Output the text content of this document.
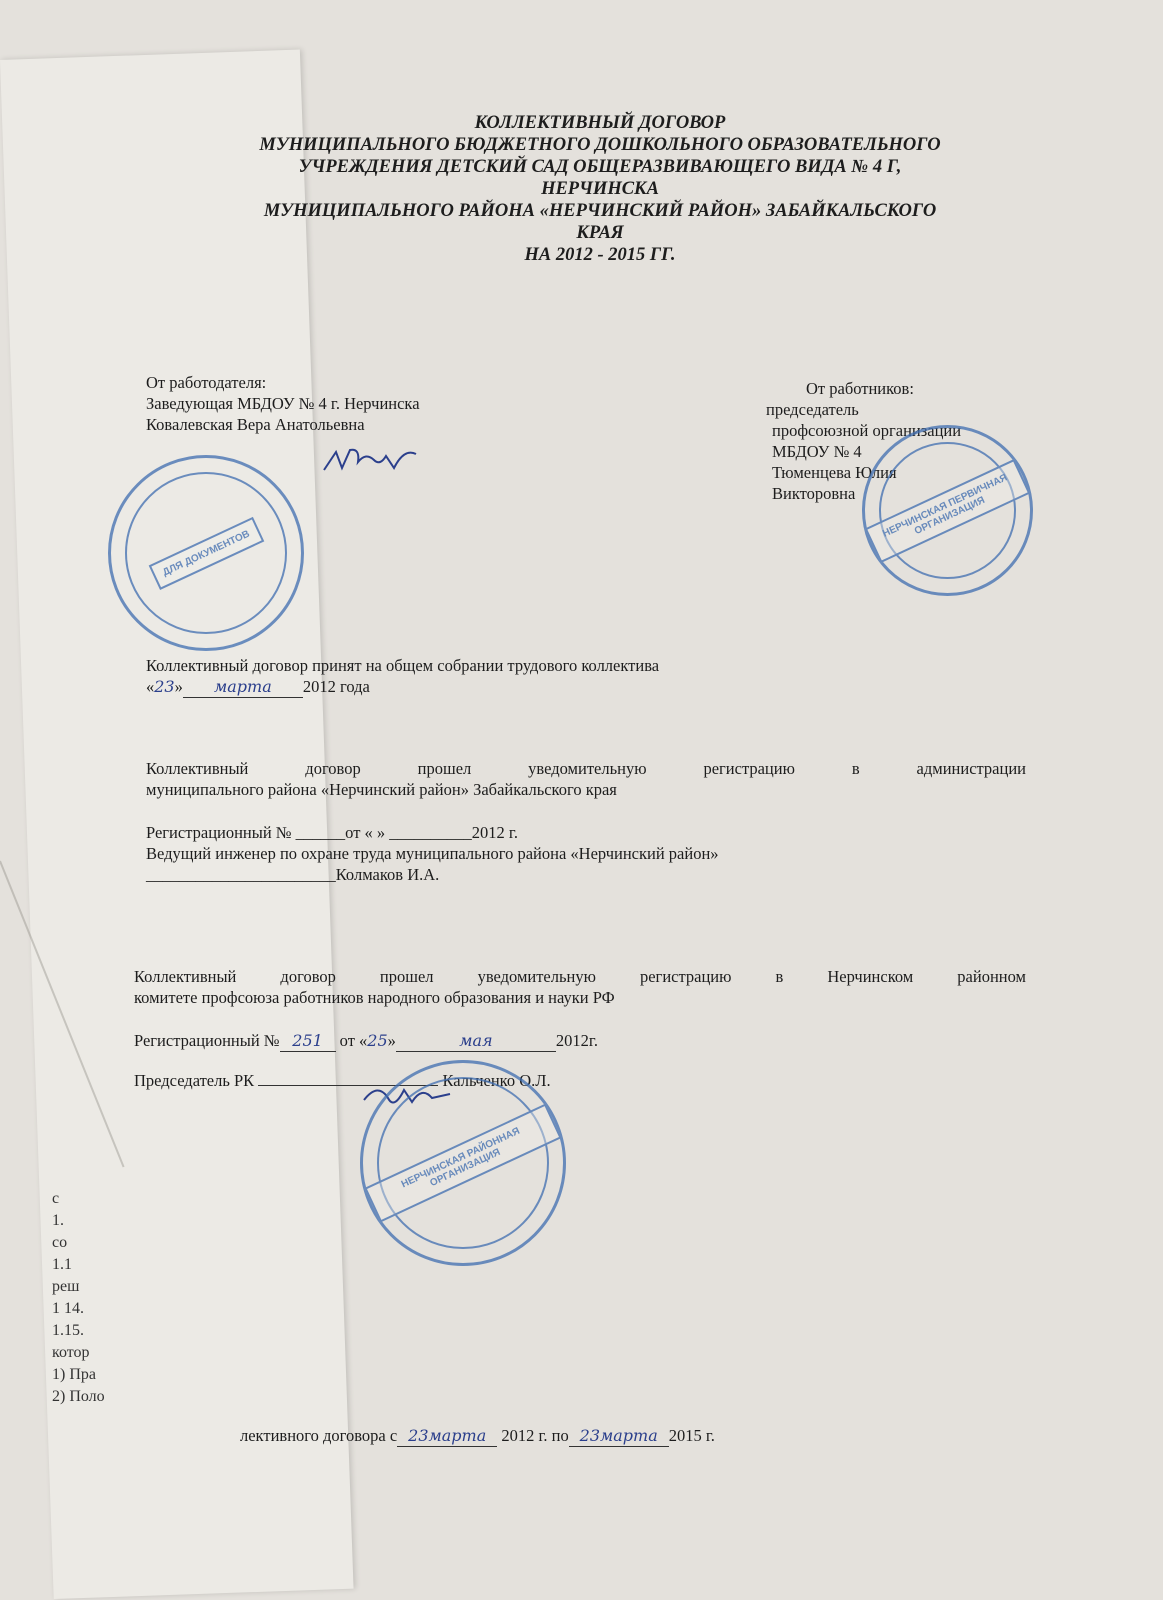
с
1.
со
1.1
реш
1 14.
1.15.
котор
1) Пра
2) Поло
КОЛЛЕКТИВНЫЙ ДОГОВОР
МУНИЦИПАЛЬНОГО БЮДЖЕТНОГО ДОШКОЛЬНОГО ОБРАЗОВАТЕЛЬНОГО
УЧРЕЖДЕНИЯ ДЕТСКИЙ САД ОБЩЕРАЗВИВАЮЩЕГО ВИДА № 4 Г,
НЕРЧИНСКА
МУНИЦИПАЛЬНОГО РАЙОНА «НЕРЧИНСКИЙ РАЙОН» ЗАБАЙКАЛЬСКОГО
КРАЯ
НА 2012 - 2015 ГГ.
От работодателя:
Заведующая МБДОУ № 4 г. Нерчинска
Ковалевская Вера Анатольевна
ДЛЯ ДОКУМЕНТОВ
От работников:
председатель
профсоюзной организации
МБДОУ № 4
Тюменцева Юлия
Викторовна	НЕРЧИНСКАЯ ПЕРВИЧНАЯ ОРГАНИЗАЦИЯ
Коллективный договор принят на общем собрании трудового коллектива
«23» марта 2012 года
Коллективный договор прошел уведомительную регистрацию в администрации
муниципального района «Нерчинский район» Забайкальского края
Регистрационный № ______от « » __________2012 г.
Ведущий инженер по охране труда муниципального района «Нерчинский район»
_______________________Колмаков И.А.
Коллективный договор прошел уведомительную регистрацию в Нерчинском районном
комитете профсоюза работников народного образования и науки РФ
Регистрационный № 251 от «25»	мая	2012г.
Председатель РК	Кальченко О.Л.
НЕРЧИНСКАЯ РАЙОННАЯ ОРГАНИЗАЦИЯ
лективного договора с 23марта 2012 г. по 23марта 2015 г.
